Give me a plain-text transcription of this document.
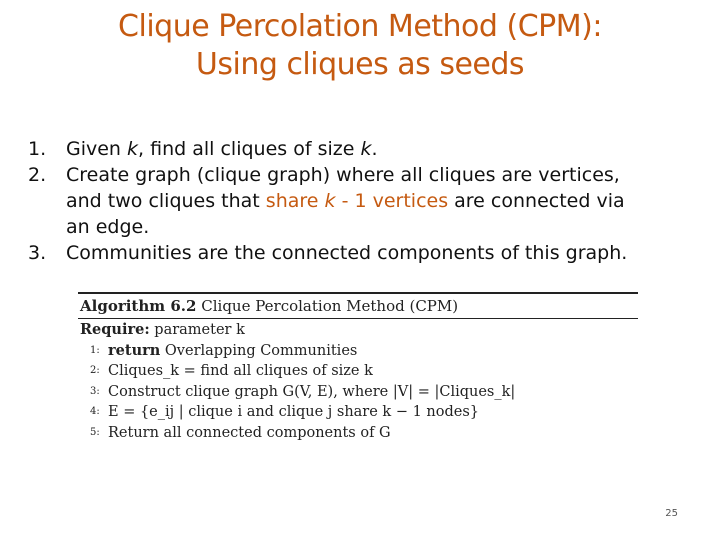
Clique Percolation Method (CPM):
Using cliques as seeds
1.	Given k, find all cliques of size k.
2.	Create graph (clique graph) where all cliques are vertices,
and two cliques that share k - 1 vertices are connected via
an edge.
3.	Communities are the connected components of this graph.
Algorithm 6.2 Clique Percolation Method (CPM)
Require: parameter k
1: return Overlapping Communities
2: Cliques_k = find all cliques of size k
3: Construct clique graph G(V, E), where |V| = |Cliques_k|
4: E = {e_ij | clique i and clique j share k − 1 nodes}
5: Return all connected components of G
25
